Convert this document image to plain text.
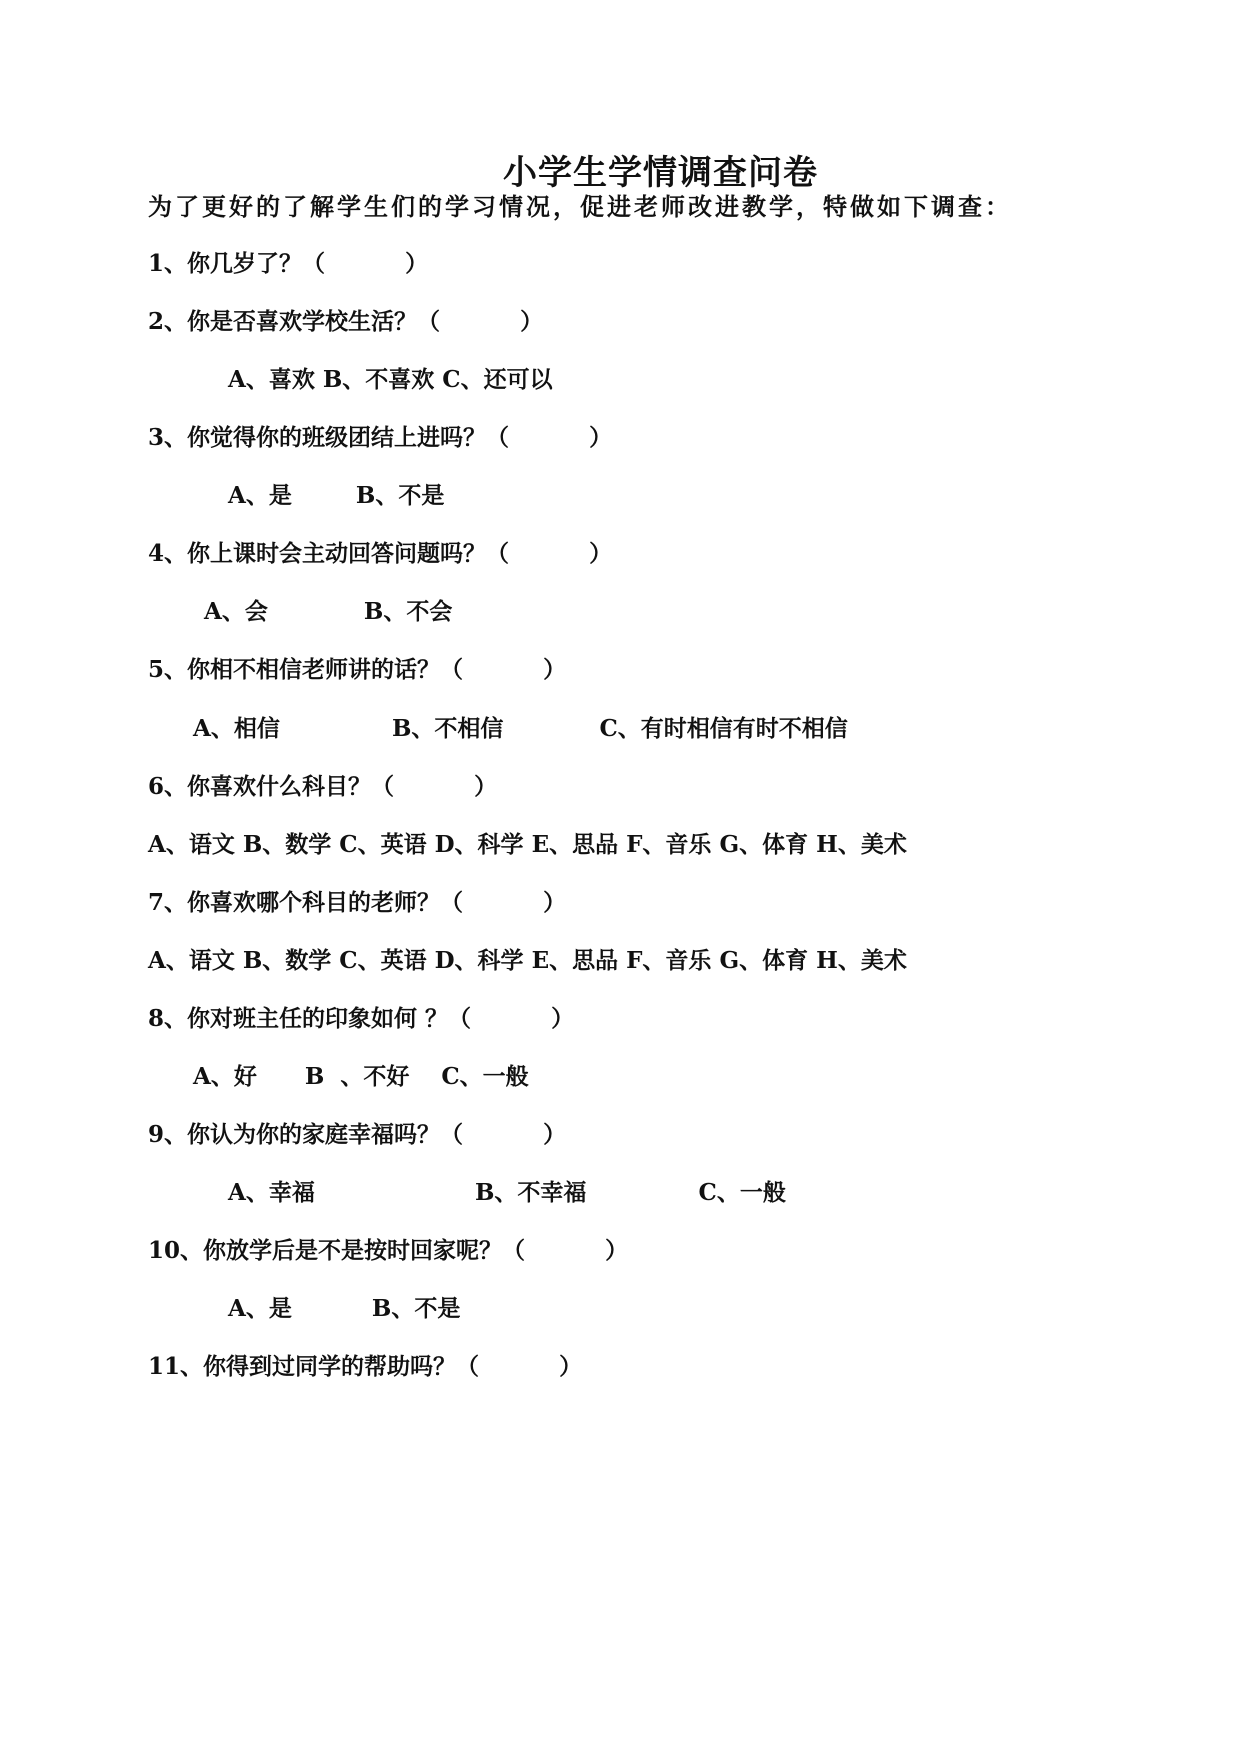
小学生学情调查问卷
为了更好的了解学生们的学习情况，促进老师改进教学，特做如下调查：
1、你几岁了？（          ）
2、你是否喜欢学校生活？（          ）
A、喜欢 B、不喜欢 C、还可以
3、你觉得你的班级团结上进吗？（          ）
A、是        B、不是
4、你上课时会主动回答问题吗？（          ）
A、会            B、不会
5、你相不相信老师讲的话？（          ）
A、相信              B、不相信            C、有时相信有时不相信
6、你喜欢什么科目？（          ）
A、语文 B、数学 C、英语 D、科学 E、思品 F、音乐 G、体育 H、美术
7、你喜欢哪个科目的老师？（          ）
A、语文 B、数学 C、英语 D、科学 E、思品 F、音乐 G、体育 H、美术
8、你对班主任的印象如何 ？（          ）
A、好      B  、不好    C、一般
9、你认为你的家庭幸福吗？（          ）
A、幸福                    B、不幸福              C、一般
10、你放学后是不是按时回家呢？（          ）
A、是          B、不是
11、你得到过同学的帮助吗？（          ）
